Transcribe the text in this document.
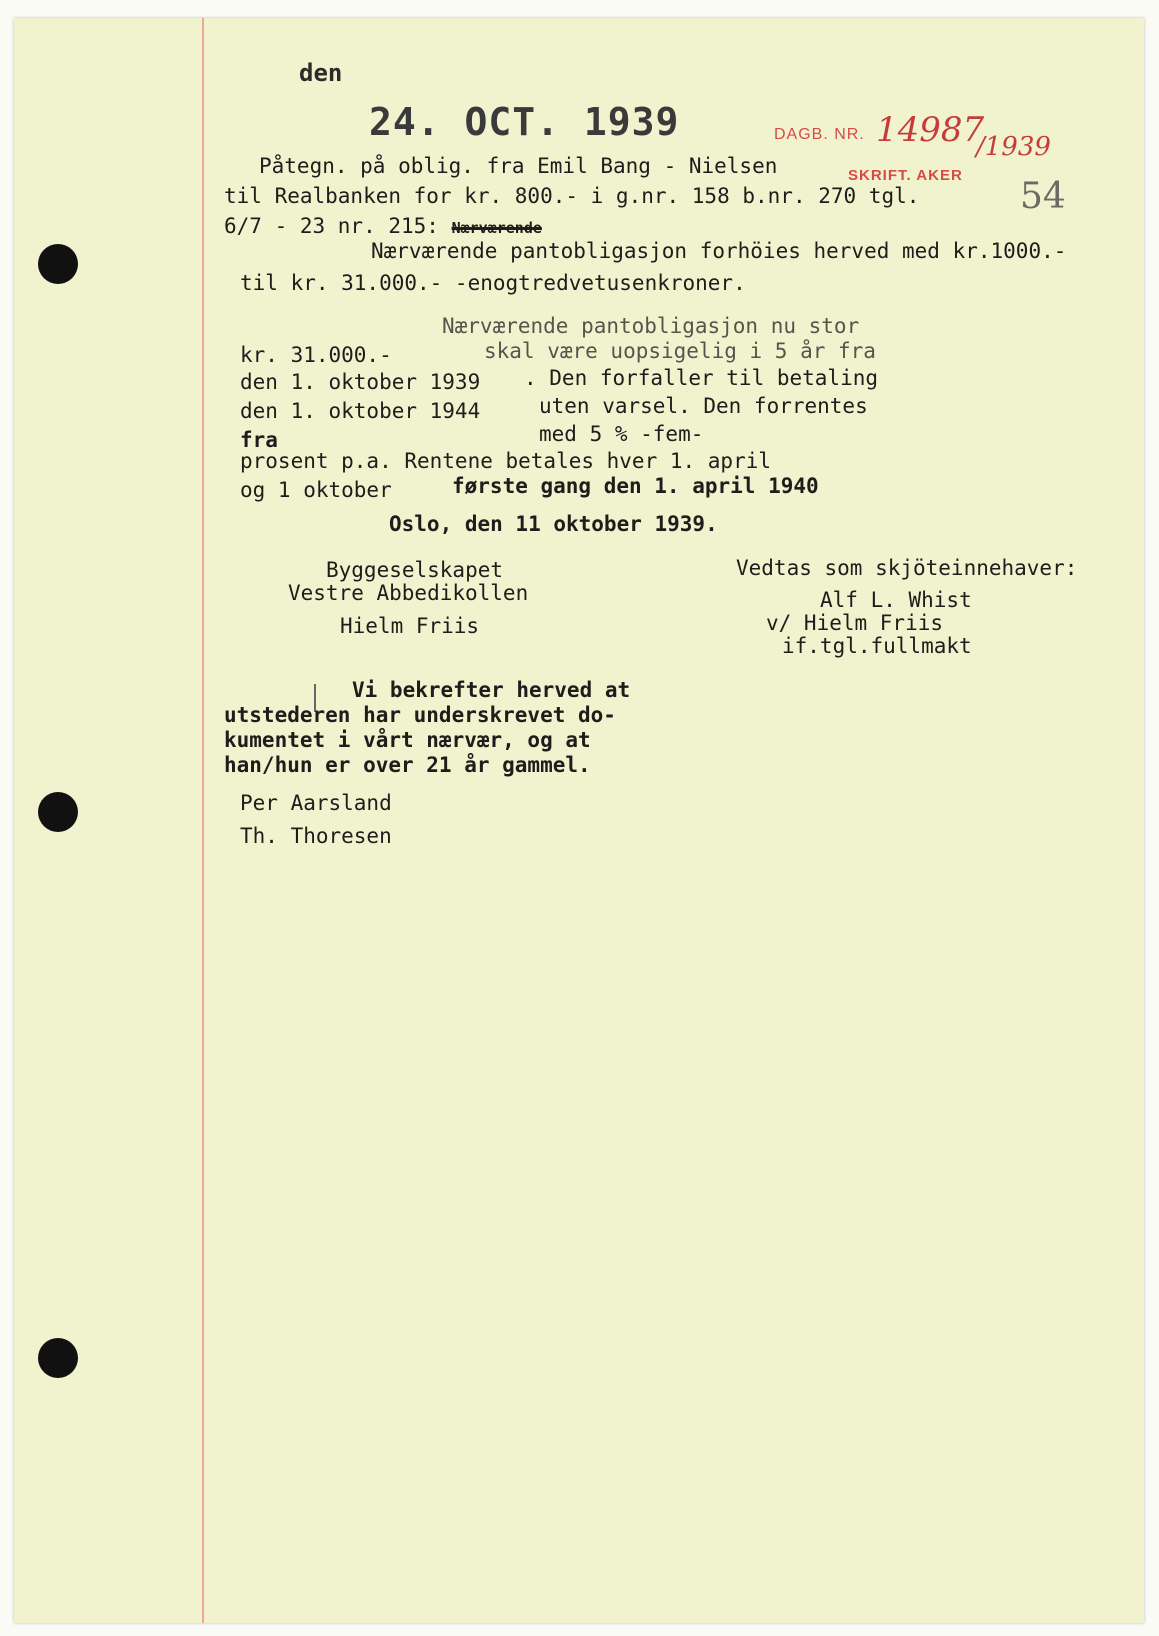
den
24. OCT. 1939	DAGB. NR.
SKRIFT. AKER
14987
/1939
54
Påtegn. på oblig. fra Emil Bang - Nielsen
til Realbanken for kr. 800.- i g.nr. 158 b.nr. 270 tgl.
6/7 - 23 nr. 215: Nærværende
Nærværende pantobligasjon forhöies herved med kr.1000.-
til kr. 31.000.- -enogtredvetusenkroner.
Nærværende pantobligasjon nu stor
kr. 31.000.-	skal være uopsigelig i 5 år fra
den 1. oktober 1939 . Den forfaller til betaling
den 1. oktober 1944	uten varsel. Den forrentes
fra	med 5 % -fem-
prosent p.a. Rentene betales hver 1. april
og 1 oktober	første gang den 1. april 1940
Oslo, den 11 oktober 1939.
Byggeselskapet
Vestre Abbedikollen
Hielm Friis
Vedtas som skjöteinnehaver:
Alf L. Whist
v/ Hielm Friis
if.tgl.fullmakt
Vi bekrefter herved at
utstederen har underskrevet do-
kumentet i vårt nærvær, og at
han/hun er over 21 år gammel.
Per Aarsland
Th. Thoresen
